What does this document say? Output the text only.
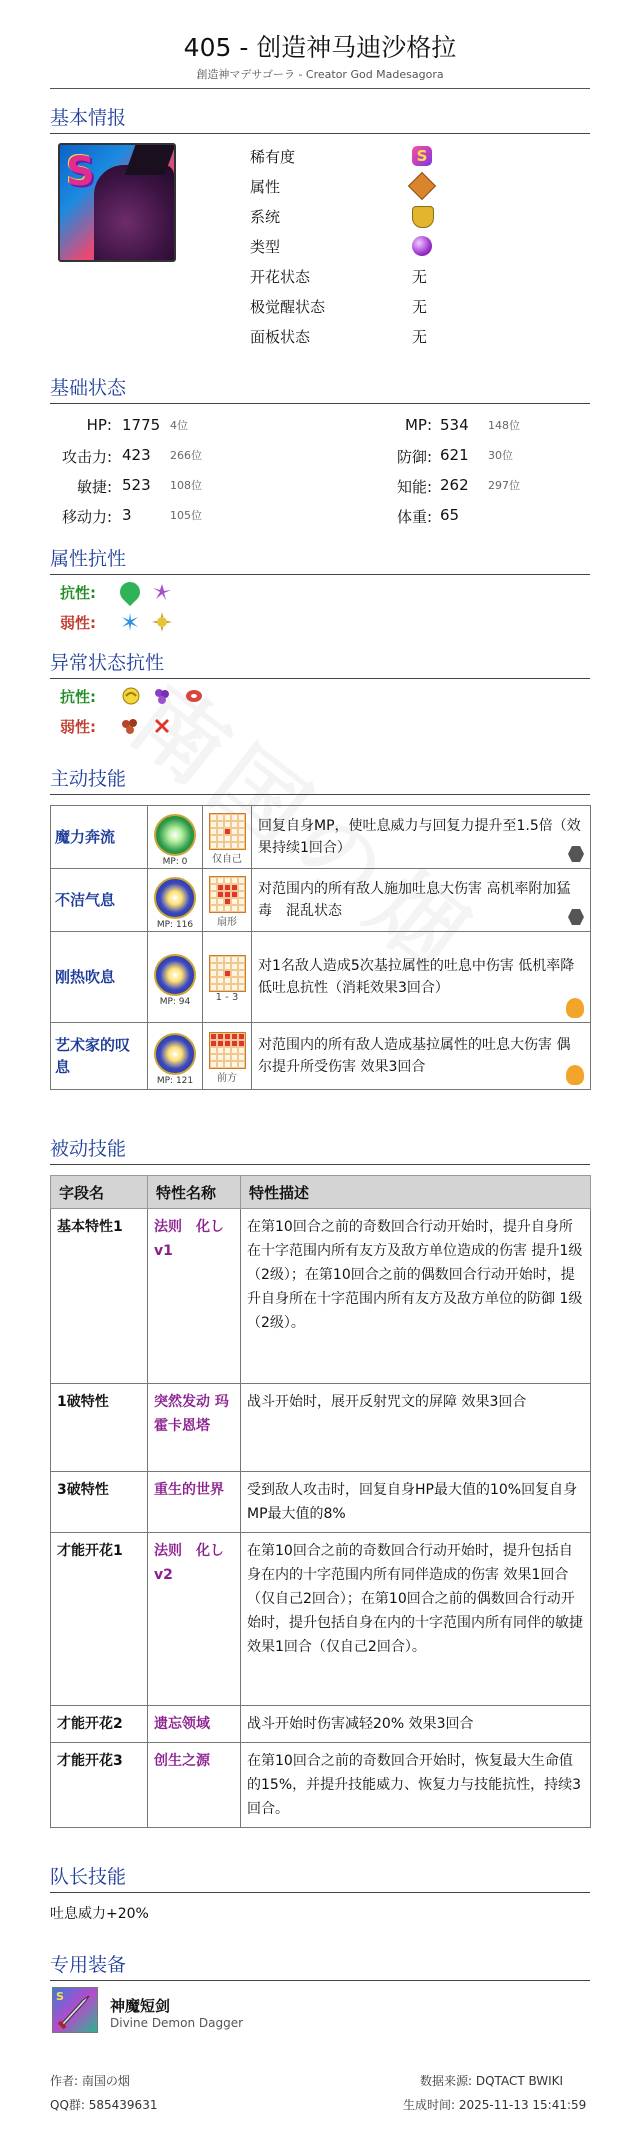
405 - 创造神马迪沙格拉
創造神マデサゴーラ - Creator God Madesagora
基本情报
S	稀有度	S
属性
系统
类型
开花状态	无
极觉醒状态	无
面板状态	无
基础状态
HP: 1775 4位	MP: 534 148位
攻击力: 423 266位	防御: 621 30位
敏捷: 523 108位	知能: 262 297位
移动力: 3	105位	体重: 65
属性抗性
抗性:
弱性:
异常状态抗性
抗性:
弱性:
主动技能
魔力奔流	MP: 0	仅自己	回复自身MP，使吐息威力与回复力提升至1.5倍（效果持续1回合）

不洁气息	MP: 116	扇形	对范围内的所有敌人施加吐息大伤害 高机率附加猛毒　混乱状态

刚热吹息	MP: 94	1 - 3	对1名敌人造成5次基拉属性的吐息中伤害 低机率降低吐息抗性（消耗效果3回合）

艺术家的叹息	MP: 121	前方	对范围内的所有敌人造成基拉属性的吐息大伤害 偶尔提升所受伤害 效果3回合
被动技能
字段名	特性名称	特性描述
基本特性1	法则　化し v1	在第10回合之前的奇数回合行动开始时，提升自身所在十字范围内所有友方及敌方单位造成的伤害 提升1级（2级）；在第10回合之前的偶数回合行动开始时，提升自身所在十字范围内所有友方及敌方单位的防御 1级（2级）。
1破特性	突然发动 玛霍卡恩塔	战斗开始时，展开反射咒文的屏障 效果3回合
3破特性	重生的世界	受到敌人攻击时，回复自身HP最大值的10%回复自身MP最大值的8%
才能开花1	法则　化し v2	在第10回合之前的奇数回合行动开始时，提升包括自身在内的十字范围内所有同伴造成的伤害 效果1回合（仅自己2回合）；在第10回合之前的偶数回合行动开始时，提升包括自身在内的十字范围内所有同伴的敏捷 效果1回合（仅自己2回合）。
才能开花2	遗忘领域	战斗开始时伤害减轻20% 效果3回合
才能开花3	创生之源	在第10回合之前的奇数回合开始时，恢复最大生命值的15%，并提升技能威力、恢复力与技能抗性，持续3回合。
队长技能
吐息威力+20%
专用装备
S
神魔短剑
Divine Demon Dagger
作者: 南国の烟
QQ群: 585439631
数据来源: DQTACT BWIKI
生成时间: 2025-11-13 15:41:59
